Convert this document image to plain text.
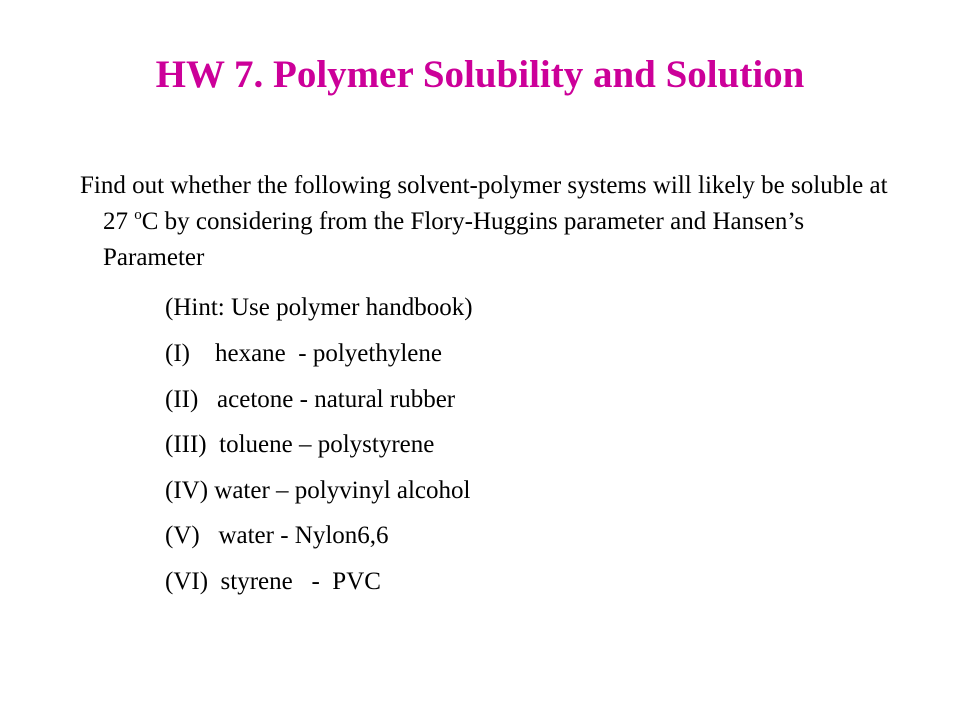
HW 7. Polymer Solubility and Solution
Find out whether the following solvent-polymer systems will likely be soluble at 27 $^o$C by considering from the Flory-Huggins parameter and Hansen’s Parameter
(Hint: Use polymer handbook)
(I)    hexane  - polyethylene
(II)   acetone - natural rubber
(III)  toluene – polystyrene
(IV) water – polyvinyl alcohol
(V)   water - Nylon6,6
(VI)  styrene   -  PVC
